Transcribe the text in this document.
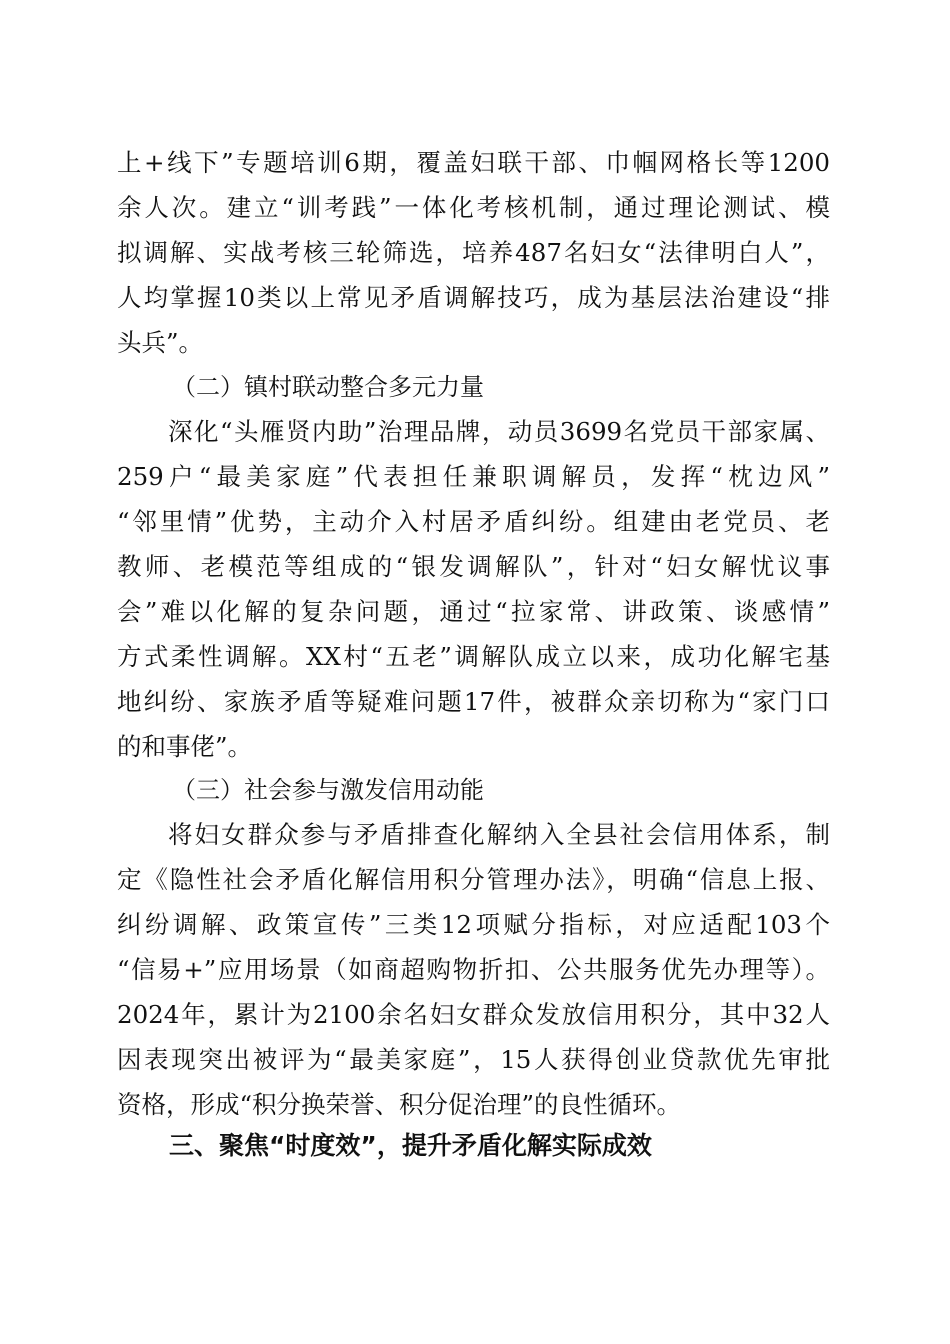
上+线下”专题培训6期，覆盖妇联干部、巾帼网格长等1200
余人次。建立“训考践”一体化考核机制，通过理论测试、模
拟调解、实战考核三轮筛选，培养487名妇女“法律明白人”，
人均掌握10类以上常见矛盾调解技巧，成为基层法治建设“排
头兵”。
（二）镇村联动整合多元力量
深化“头雁贤内助”治理品牌，动员3699名党员干部家属、
259户“最美家庭”代表担任兼职调解员，发挥“枕边风”
“邻里情”优势，主动介入村居矛盾纠纷。组建由老党员、老
教师、老模范等组成的“银发调解队”，针对“妇女解忧议事
会”难以化解的复杂问题，通过“拉家常、讲政策、谈感情”
方式柔性调解。XX村“五老”调解队成立以来，成功化解宅基
地纠纷、家族矛盾等疑难问题17件，被群众亲切称为“家门口
的和事佬”。
（三）社会参与激发信用动能
将妇女群众参与矛盾排查化解纳入全县社会信用体系，制
定《隐性社会矛盾化解信用积分管理办法》，明确“信息上报、
纠纷调解、政策宣传”三类12项赋分指标，对应适配103个
“信易+”应用场景（如商超购物折扣、公共服务优先办理等）。
2024年，累计为2100余名妇女群众发放信用积分，其中32人
因表现突出被评为“最美家庭”，15人获得创业贷款优先审批
资格，形成“积分换荣誉、积分促治理”的良性循环。
三、聚焦“时度效”，提升矛盾化解实际成效
